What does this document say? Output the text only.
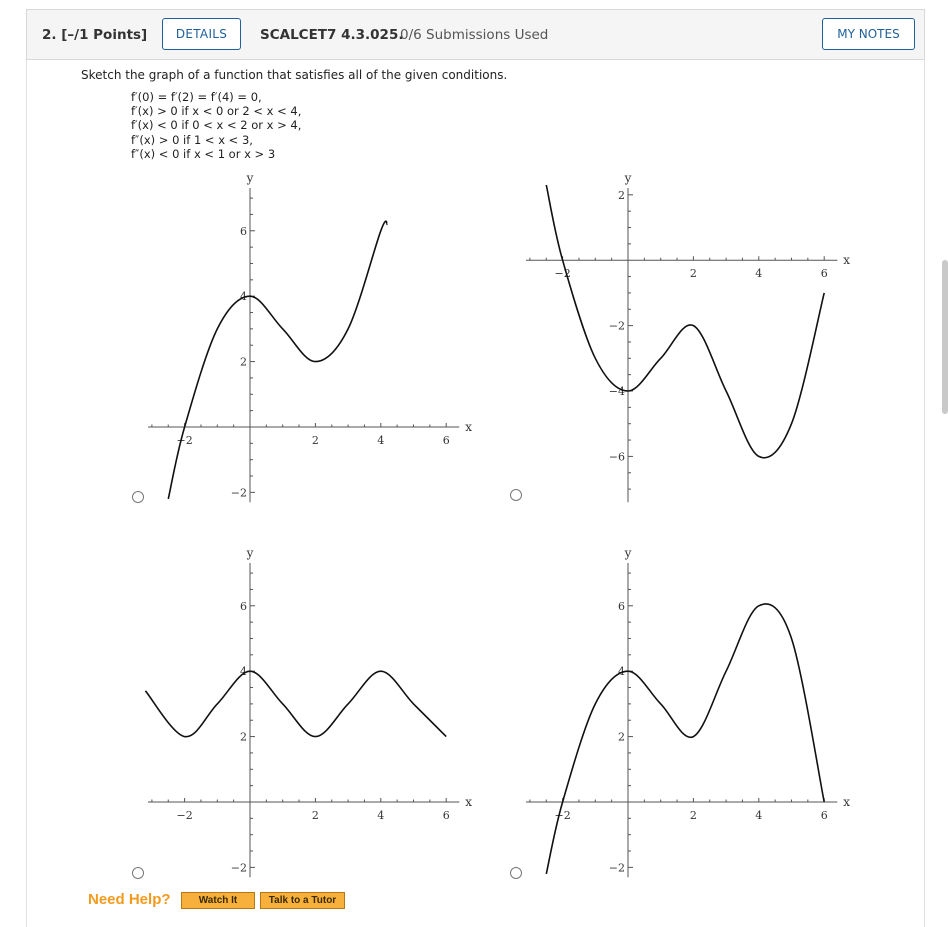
2. [–/1 Points]	DETAILS	SCALCET7 4.3.025.
0/6 Submissions Used	MY NOTES
Sketch the graph of a function that satisfies all of the given conditions.
f′(0) = f′(2) = f′(4) = 0,
f′(x) > 0 if x < 0 or 2 < x < 4,
f′(x) < 0 if 0 < x < 2 or x > 4,
f″(x) > 0 if 1 < x < 3,
f″(x) < 0 if x < 1 or x > 3
−2	2	4	6
−2
2
4
6
x
y
−2	2	4	6
−6
−4
−2
2
x
y
−2	2	4	6
−2
2
4
6
x
y
−2	2	4	6
−2
2
4
6
x
y
Need Help?	Watch It	Talk to a Tutor
